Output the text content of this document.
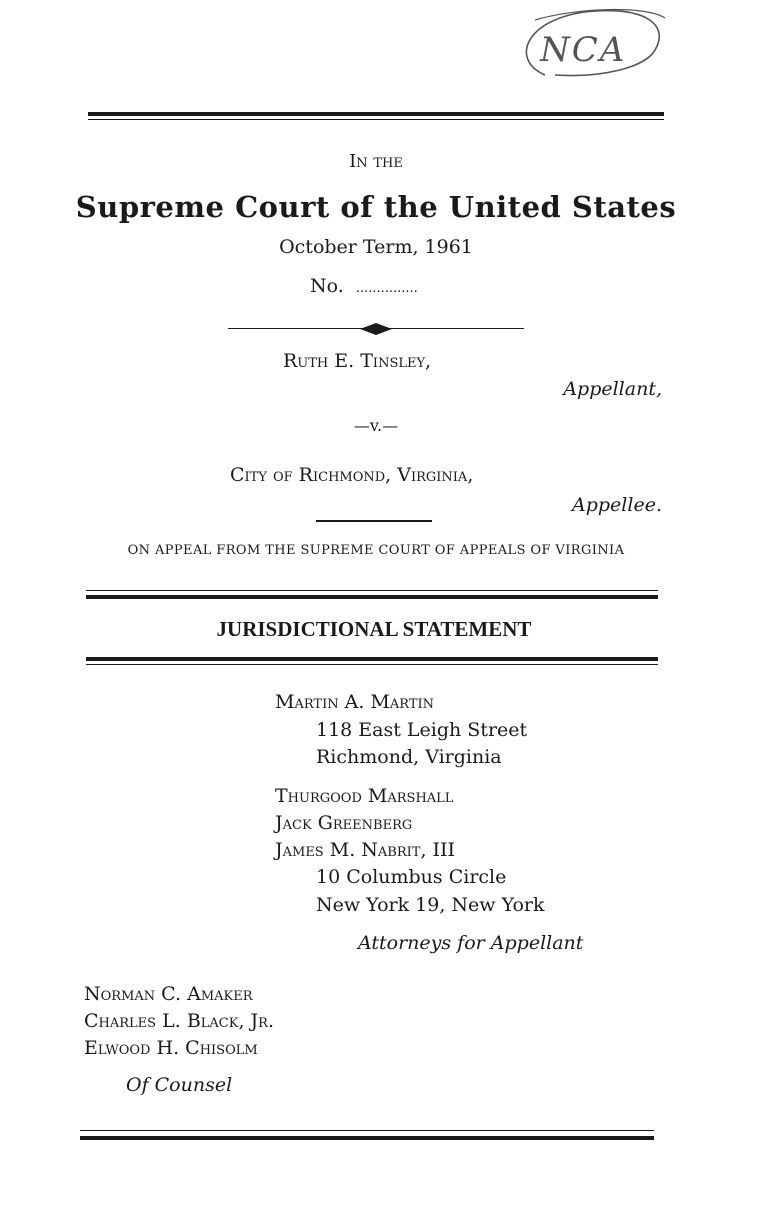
NCA
In the
Supreme Court of the United States
October Term, 1961
No. ...............
Ruth E. Tinsley,
Appellant,
—v.—
City of Richmond, Virginia,
Appellee.
ON APPEAL FROM THE SUPREME COURT OF APPEALS OF VIRGINIA
JURISDICTIONAL STATEMENT
Martin A. Martin
118 East Leigh Street
Richmond, Virginia
Thurgood Marshall
Jack Greenberg
James M. Nabrit, III
10 Columbus Circle
New York 19, New York
Attorneys for Appellant
Norman C. Amaker
Charles L. Black, Jr.
Elwood H. Chisolm
Of Counsel
